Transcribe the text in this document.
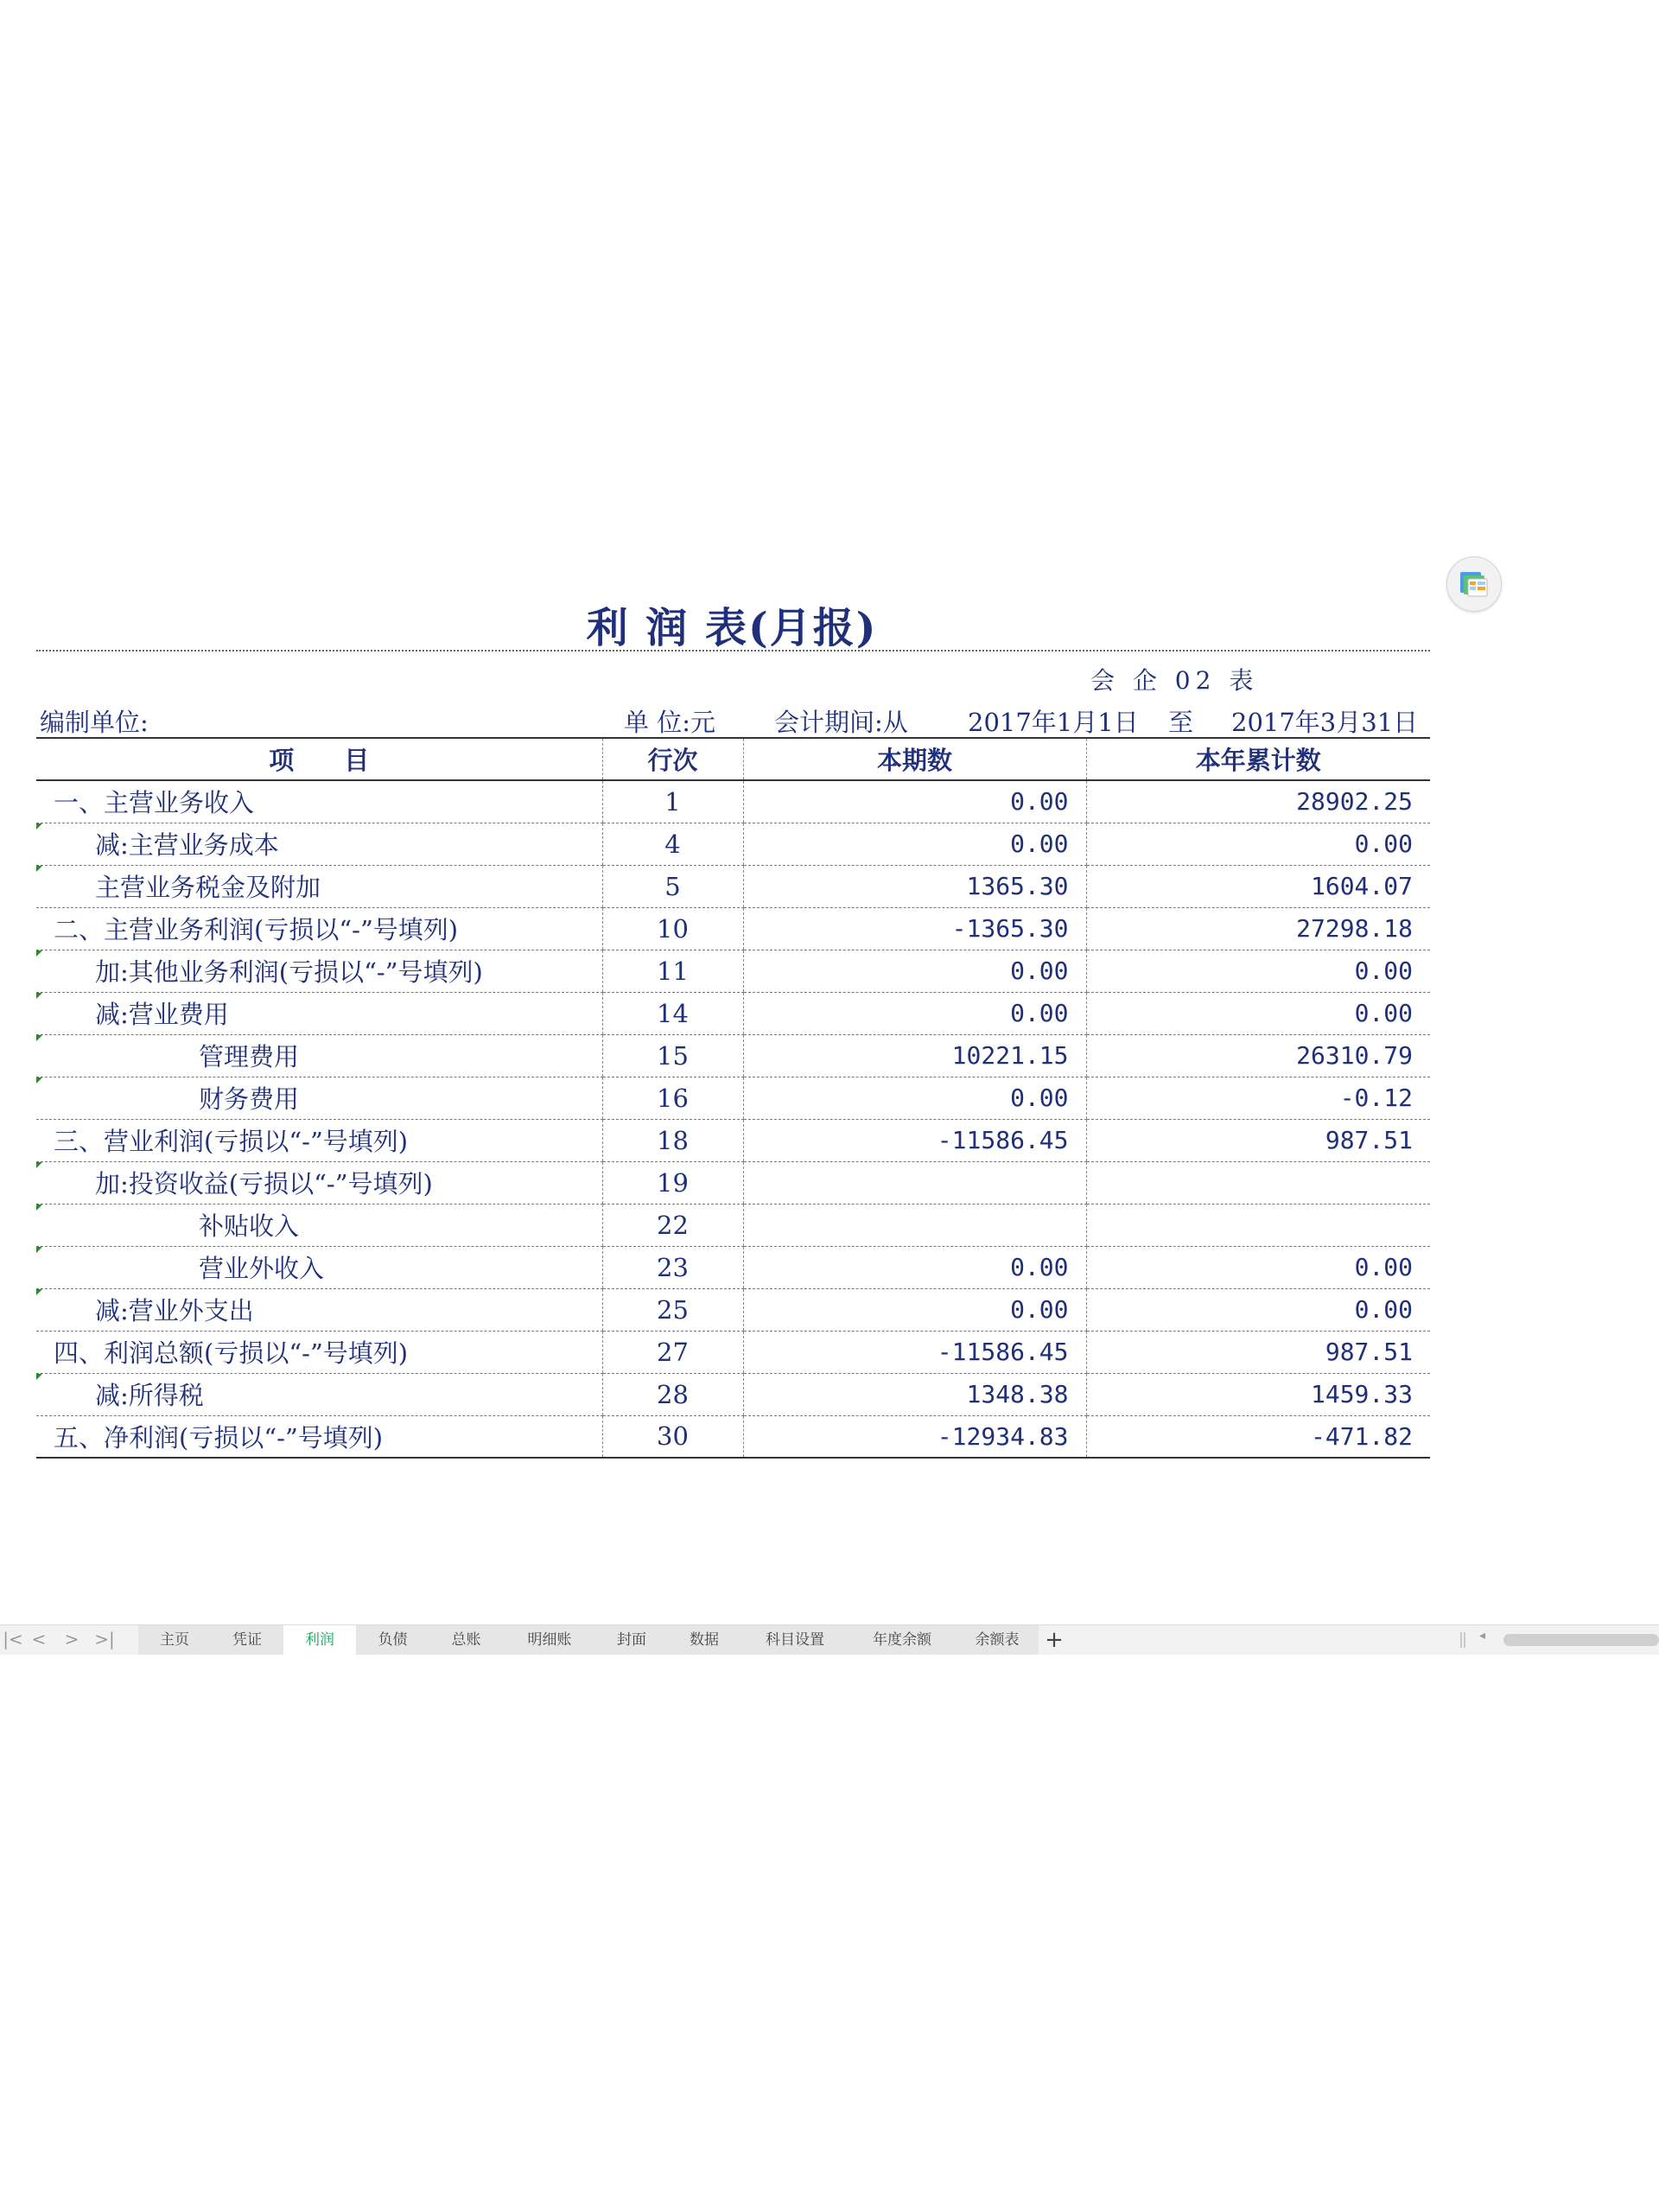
利 润 表(月报)
会 企 02 表
编制单位:	单 位:元 会计期间:从 2017年1月1日 至 2017年3月31日
项　　目	行次	本期数	本年累计数
一、主营业务收入	1	0.00	28902.25
减:主营业务成本	4	0.00	0.00
主营业务税金及附加	5	1365.30	1604.07
二、主营业务利润(亏损以“-”号填列)	10	-1365.30	27298.18
加:其他业务利润(亏损以“-”号填列)	11	0.00	0.00
减:营业费用	14	0.00	0.00
管理费用	15	10221.15	26310.79
财务费用	16	0.00	-0.12
三、营业利润(亏损以“-”号填列)	18	-11586.45	987.51
加:投资收益(亏损以“-”号填列)	19		
补贴收入	22		
营业外收入	23	0.00	0.00
减:营业外支出	25	0.00	0.00
四、利润总额(亏损以“-”号填列)	27	-11586.45	987.51
减:所得税	28	1348.38	1459.33
五、净利润(亏损以“-”号填列)	30	-12934.83	-471.82
|< <	> >|	主页	凭证	利润	负债	总账	明细账	封面	数据	科目设置	年度余额	余额表	+	◂
